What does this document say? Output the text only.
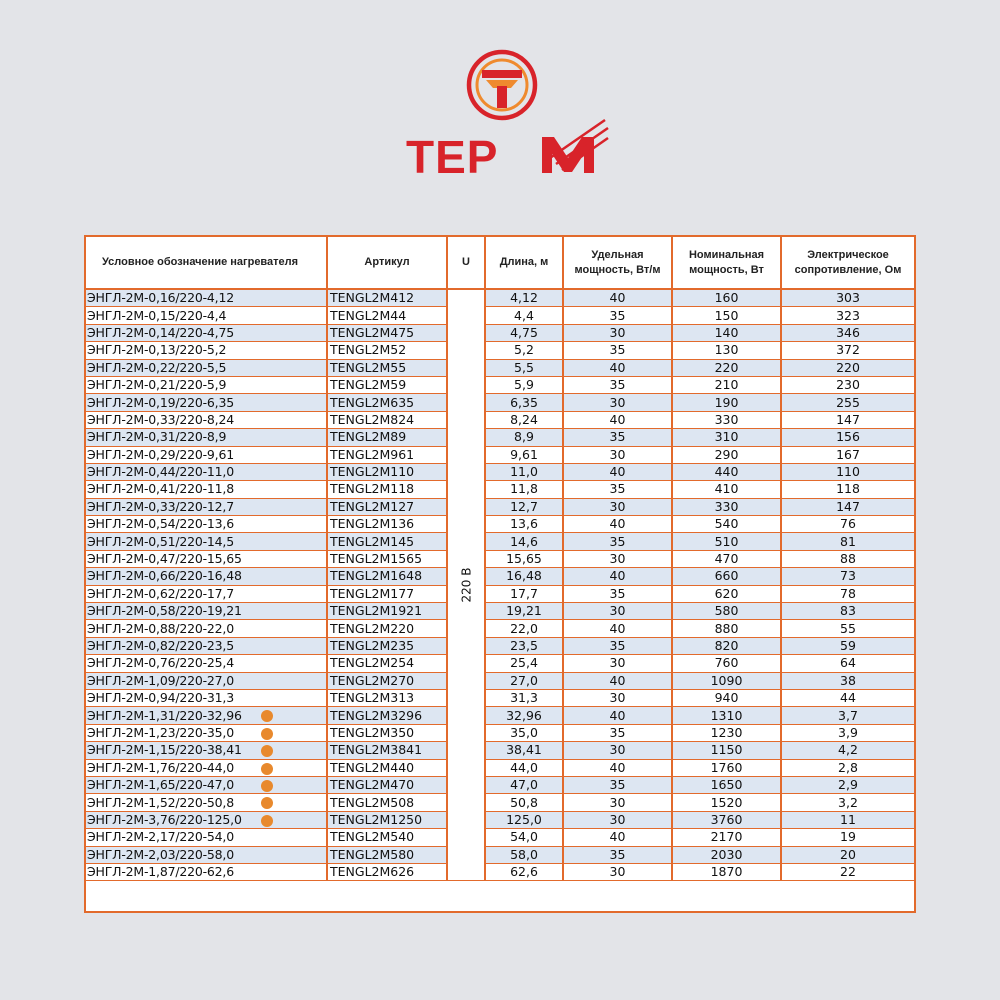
ТЕР
Условное обозначение нагревателя	Артикул	U	Длина, м	Удельная мощность, Вт/м	Номинальная мощность, Вт	Электрическое сопротивление, Ом
ЭНГЛ-2М-0,16/220-4,12	TENGL2M412	220 В	4,12	40	160	303
ЭНГЛ-2М-0,15/220-4,4	TENGL2M44		4,4	35	150	323
ЭНГЛ-2М-0,14/220-4,75	TENGL2M475		4,75	30	140	346
ЭНГЛ-2М-0,13/220-5,2	TENGL2M52		5,2	35	130	372
ЭНГЛ-2М-0,22/220-5,5	TENGL2M55		5,5	40	220	220
ЭНГЛ-2М-0,21/220-5,9	TENGL2M59		5,9	35	210	230
ЭНГЛ-2М-0,19/220-6,35	TENGL2M635		6,35	30	190	255
ЭНГЛ-2М-0,33/220-8,24	TENGL2M824		8,24	40	330	147
ЭНГЛ-2М-0,31/220-8,9	TENGL2M89		8,9	35	310	156
ЭНГЛ-2М-0,29/220-9,61	TENGL2M961		9,61	30	290	167
ЭНГЛ-2М-0,44/220-11,0	TENGL2M110		11,0	40	440	110
ЭНГЛ-2М-0,41/220-11,8	TENGL2M118		11,8	35	410	118
ЭНГЛ-2М-0,33/220-12,7	TENGL2M127		12,7	30	330	147
ЭНГЛ-2М-0,54/220-13,6	TENGL2M136		13,6	40	540	76
ЭНГЛ-2М-0,51/220-14,5	TENGL2M145		14,6	35	510	81
ЭНГЛ-2М-0,47/220-15,65	TENGL2M1565		15,65	30	470	88
ЭНГЛ-2М-0,66/220-16,48	TENGL2M1648		16,48	40	660	73
ЭНГЛ-2М-0,62/220-17,7	TENGL2M177		17,7	35	620	78
ЭНГЛ-2М-0,58/220-19,21	TENGL2M1921		19,21	30	580	83
ЭНГЛ-2М-0,88/220-22,0	TENGL2M220		22,0	40	880	55
ЭНГЛ-2М-0,82/220-23,5	TENGL2M235		23,5	35	820	59
ЭНГЛ-2М-0,76/220-25,4	TENGL2M254		25,4	30	760	64
ЭНГЛ-2М-1,09/220-27,0	TENGL2M270		27,0	40	1090	38
ЭНГЛ-2М-0,94/220-31,3	TENGL2M313		31,3	30	940	44
ЭНГЛ-2М-1,31/220-32,96	TENGL2M3296		32,96	40	1310	3,7
ЭНГЛ-2М-1,23/220-35,0	TENGL2M350		35,0	35	1230	3,9
ЭНГЛ-2М-1,15/220-38,41	TENGL2M3841		38,41	30	1150	4,2
ЭНГЛ-2М-1,76/220-44,0	TENGL2M440		44,0	40	1760	2,8
ЭНГЛ-2М-1,65/220-47,0	TENGL2M470		47,0	35	1650	2,9
ЭНГЛ-2М-1,52/220-50,8	TENGL2M508		50,8	30	1520	3,2
ЭНГЛ-2М-3,76/220-125,0	TENGL2M1250		125,0	30	3760	11
ЭНГЛ-2М-2,17/220-54,0	TENGL2M540		54,0	40	2170	19
ЭНГЛ-2М-2,03/220-58,0	TENGL2M580		58,0	35	2030	20
ЭНГЛ-2М-1,87/220-62,6	TENGL2M626		62,6	30	1870	22
